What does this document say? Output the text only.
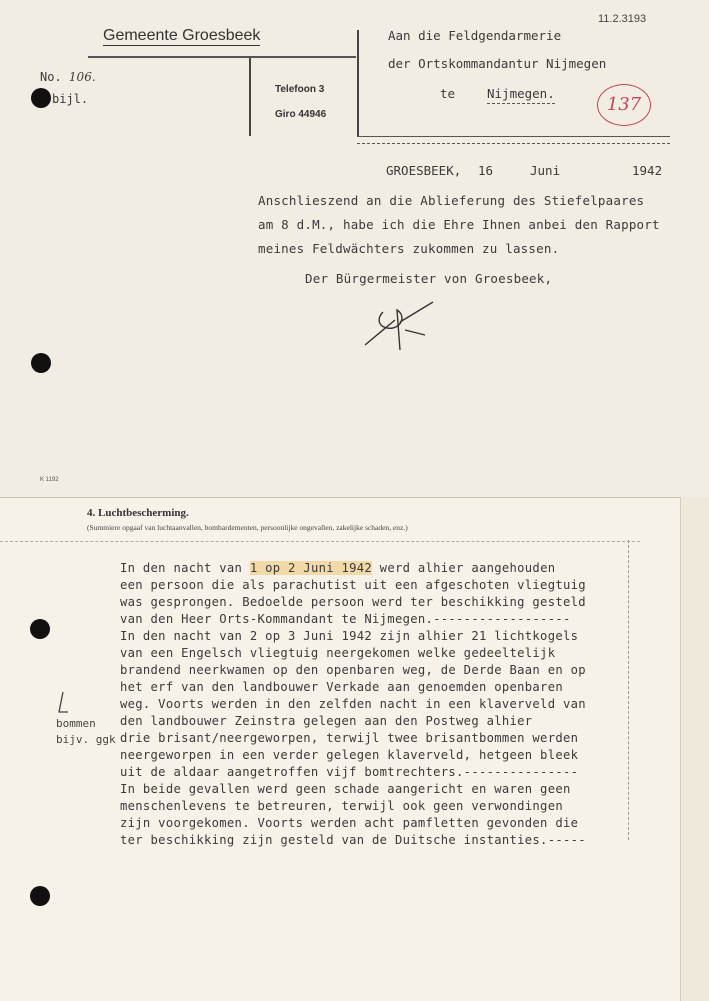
Gemeente Groesbeek
11.2.3193
No. 106.
bijl.
Telefoon 3
Giro 44946
Aan die Feldgendarmerie
der Ortskommandantur Nijmegen
te	Nijmegen.
137
GROESBEEK, 16	Juni	1942
Anschlieszend an die Ablieferung des Stiefelpaares
am 8 d.M., habe ich die Ehre Ihnen anbei den Rapport
meines Feldwächters zukommen zu lassen.
Der Bürgermeister von Groesbeek,
K 1192
4. Luchtbescherming.
(Summiere opgaaf van luchtaanvallen, bombardementen, persoonlijke ongevallen, zakelijke schaden, enz.)
In den nacht van 1 op 2 Juni 1942 werd alhier aangehouden
een persoon die als parachutist uit een afgeschoten vliegtuig
was gesprongen. Bedoelde persoon werd ter beschikking gesteld
van den Heer Orts-Kommandant te Nijmegen.------------------
In den nacht van 2 op 3 Juni 1942 zijn alhier 21 lichtkogels
van een Engelsch vliegtuig neergekomen welke gedeeltelijk
brandend neerkwamen op den openbaren weg, de Derde Baan en op
het erf van den landbouwer Verkade aan genoemden openbaren
weg. Voorts werden in den zelfden nacht in een klaverveld van
den landbouwer Zeinstra gelegen aan den Postweg alhier
drie brisant/neergeworpen, terwijl twee brisantbommen werden
neergeworpen in een verder gelegen klaverveld, hetgeen bleek
uit de aldaar aangetroffen vijf bomtrechters.---------------
In beide gevallen werd geen schade aangericht en waren geen
menschenlevens te betreuren, terwijl ook geen verwondingen
zijn voorgekomen. Voorts werden acht pamfletten gevonden die
ter beschikking zijn gesteld van de Duitsche instanties.-----
bommen
bijv. ggk
